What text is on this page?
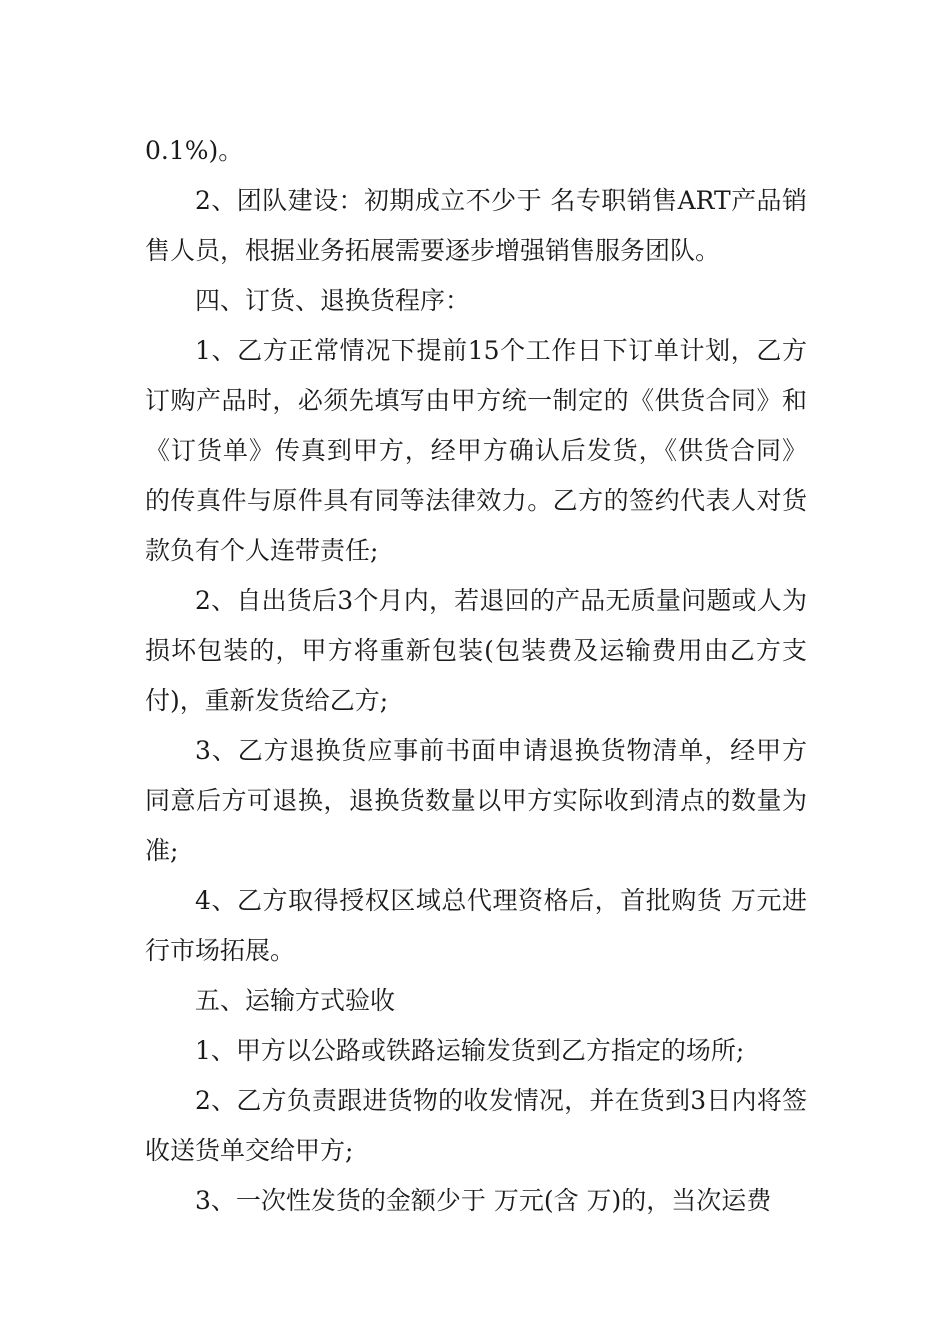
0.1%)。

2、团队建设：初期成立不少于 名专职销售ART产品销售人员，根据业务拓展需要逐步增强销售服务团队。

四、订货、退换货程序：

1、乙方正常情况下提前15个工作日下订单计划，乙方订购产品时，必须先填写由甲方统一制定的《供货合同》和《订货单》传真到甲方，经甲方确认后发货，《供货合同》的传真件与原件具有同等法律效力。乙方的签约代表人对货款负有个人连带责任;

2、自出货后3个月内，若退回的产品无质量问题或人为损坏包装的，甲方将重新包装(包装费及运输费用由乙方支付)，重新发货给乙方;

3、乙方退换货应事前书面申请退换货物清单，经甲方同意后方可退换，退换货数量以甲方实际收到清点的数量为准;

4、乙方取得授权区域总代理资格后，首批购货 万元进行市场拓展。

五、运输方式验收

1、甲方以公路或铁路运输发货到乙方指定的场所;

2、乙方负责跟进货物的收发情况，并在货到3日内将签收送货单交给甲方;

3、一次性发货的金额少于 万元(含 万)的，当次运费
